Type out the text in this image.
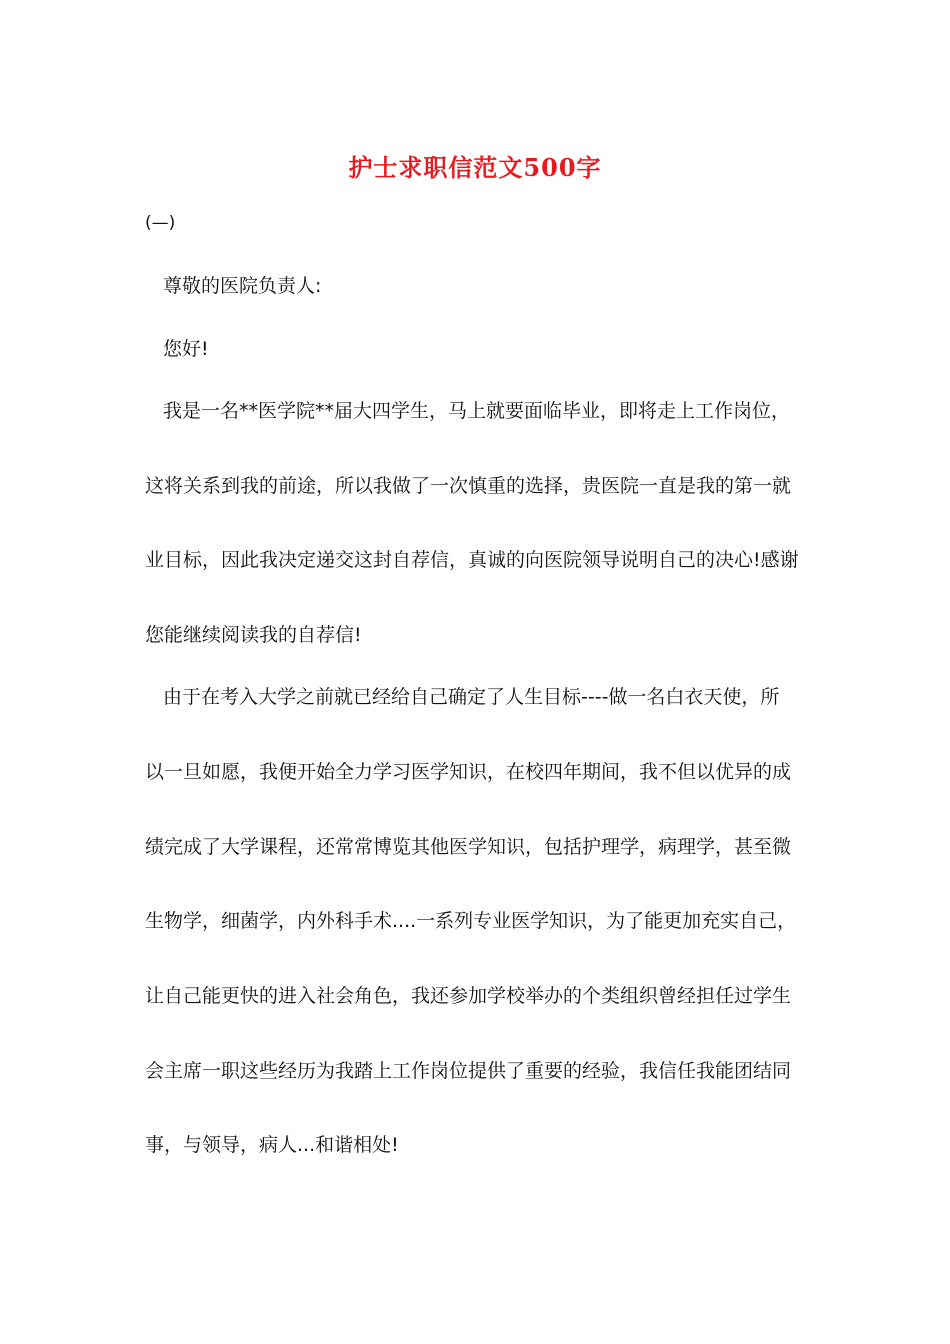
护士求职信范文500字
(—)
尊敬的医院负责人:
您好!
我是一名**医学院**届大四学生，马上就要面临毕业，即将走上工作岗位，
这将关系到我的前途，所以我做了一次慎重的选择，贵医院一直是我的第一就
业目标，因此我决定递交这封自荐信，真诚的向医院领导说明自己的决心!感谢
您能继续阅读我的自荐信!
由于在考入大学之前就已经给自己确定了人生目标----做一名白衣天使，所
以一旦如愿，我便开始全力学习医学知识，在校四年期间，我不但以优异的成
绩完成了大学课程，还常常博览其他医学知识，包括护理学，病理学，甚至微
生物学，细菌学，内外科手术....一系列专业医学知识，为了能更加充实自己，
让自己能更快的进入社会角色，我还参加学校举办的个类组织曾经担任过学生
会主席一职这些经历为我踏上工作岗位提供了重要的经验，我信任我能团结同
事，与领导，病人...和谐相处!
